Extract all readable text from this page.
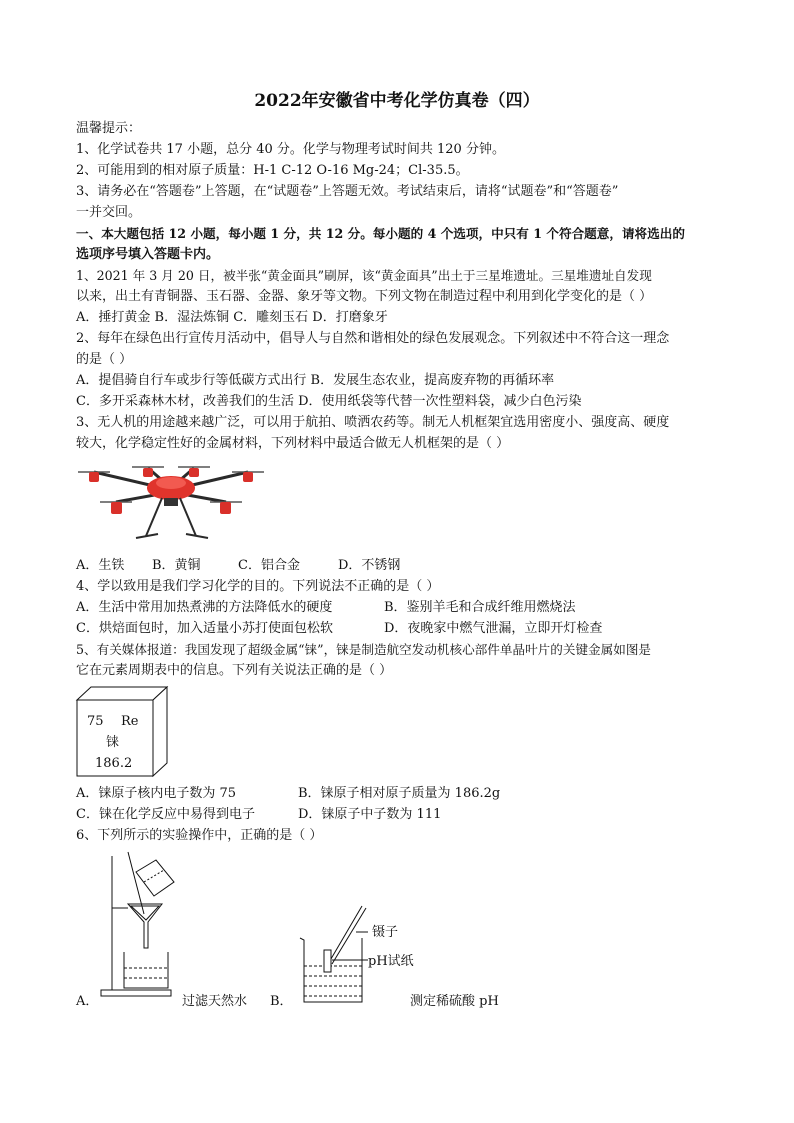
2022年安徽省中考化学仿真卷（四）
温馨提示：
1、化学试卷共 17 小题，总分 40 分。化学与物理考试时间共 120 分钟。
2、可能用到的相对原子质量：H-1 C-12 O-16 Mg-24；Cl-35.5。
3、请务必在“答题卷”上答题，在“试题卷”上答题无效。考试结束后，请将“试题卷”和“答题卷”
一并交回。
一、本大题包括 12 小题，每小题 1 分，共 12 分。每小题的 4 个选项，中只有 1 个符合题意，请将选出的
选项序号填入答题卡内。
1、2021 年 3 月 20 日，被半张“黄金面具”刷屏，该“黄金面具”出土于三星堆遗址。三星堆遗址自发现
以来，出土有青铜器、玉石器、金器、象牙等文物。下列文物在制造过程中利用到化学变化的是（ ）
A．捶打黄金 B．湿法炼铜 C．雕刻玉石 D．打磨象牙
2、每年在绿色出行宣传月活动中，倡导人与自然和谐相处的绿色发展观念。下列叙述中不符合这一理念
的是（ ）
A．提倡骑自行车或步行等低碳方式出行 B．发展生态农业，提高废弃物的再循环率
C．多开采森林木材，改善我们的生活 D．使用纸袋等代替一次性塑料袋，减少白色污染
3、无人机的用途越来越广泛，可以用于航拍、喷洒农药等。制无人机框架宜选用密度小、强度高、硬度
较大，化学稳定性好的金属材料，下列材料中最适合做无人机框架的是（ ）
A．生铁 B．黄铜	C．铝合金	D．不锈钢
4、学以致用是我们学习化学的目的。下列说法不正确的是（ ）
A．生活中常用加热煮沸的方法降低水的硬度	B．鉴别羊毛和合成纤维用燃烧法
C．烘焙面包时，加入适量小苏打使面包松软	D．夜晚家中燃气泄漏，立即开灯检查
5、有关媒体报道：我国发现了超级金属“铼”，铼是制造航空发动机核心部件单晶叶片的关键金属如图是
它在元素周期表中的信息。下列有关说法正确的是（ ）
75 Re
铼
186.2
A．铼原子核内电子数为 75	B．铼原子相对原子质量为 186.2g
C．铼在化学反应中易得到电子	D．铼原子中子数为 111
6、下列所示的实验操作中，正确的是（ ）
A．	过滤天然水
镊子
pH试纸
B．	测定稀硫酸 pH
